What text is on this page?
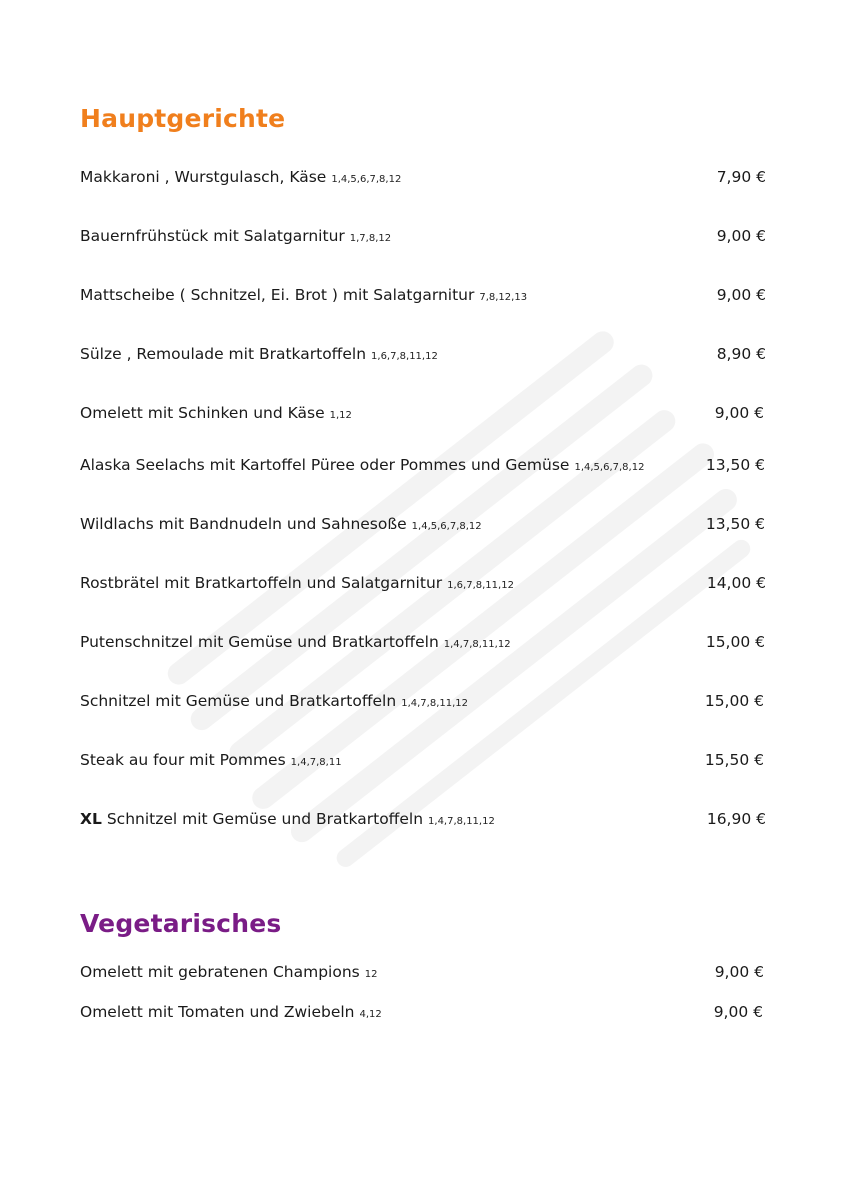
Hauptgerichte
Makkaroni , Wurstgulasch, Käse 1,4,5,6,7,8,12	7,90 €
Bauernfrühstück mit Salatgarnitur 1,7,8,12	9,00 €
Mattscheibe ( Schnitzel, Ei. Brot ) mit Salatgarnitur 7,8,12,13	9,00 €
Sülze , Remoulade mit Bratkartoffeln 1,6,7,8,11,12	8,90 €
Omelett mit Schinken und Käse 1,12	9,00 €
Alaska Seelachs mit Kartoffel Püree oder Pommes und Gemüse 1,4,5,6,7,8,12	13,50 €
Wildlachs mit Bandnudeln und Sahnesoße 1,4,5,6,7,8,12	13,50 €
Rostbrätel mit Bratkartoffeln und Salatgarnitur 1,6,7,8,11,12	14,00 €
Putenschnitzel mit Gemüse und Bratkartoffeln 1,4,7,8,11,12	15,00 €
Schnitzel mit Gemüse und Bratkartoffeln 1,4,7,8,11,12	15,00 €
Steak au four mit Pommes 1,4,7,8,11	15,50 €
XL Schnitzel mit Gemüse und Bratkartoffeln 1,4,7,8,11,12	16,90 €
Vegetarisches
Omelett mit gebratenen Champions 12	9,00 €
Omelett mit Tomaten und Zwiebeln 4,12	9,00 €
